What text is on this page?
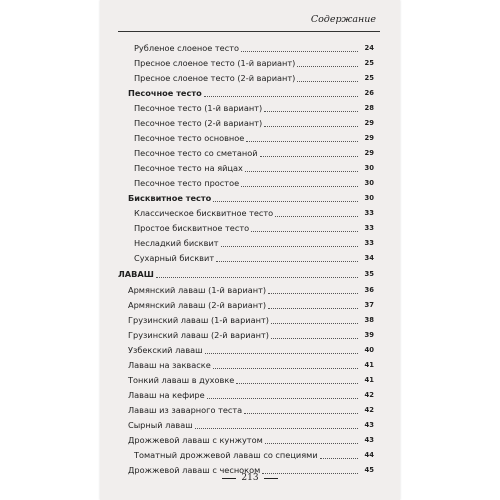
Содержание
Рубленое слоеное тесто	24
Пресное слоеное тесто (1-й вариант)	25
Пресное слоеное тесто (2-й вариант)	25
Песочное тесто	26
Песочное тесто (1-й вариант)	28
Песочное тесто (2-й вариант)	29
Песочное тесто основное	29
Песочное тесто со сметаной	29
Песочное тесто на яйцах	30
Песочное тесто простое	30
Бисквитное тесто	30
Классическое бисквитное тесто	33
Простое бисквитное тесто	33
Несладкий бисквит	33
Сухарный бисквит	34
ЛАВАШ	35
Армянский лаваш (1-й вариант)	36
Армянский лаваш (2-й вариант)	37
Грузинский лаваш (1-й вариант)	38
Грузинский лаваш (2-й вариант)	39
Узбекский лаваш	40
Лаваш на закваске	41
Тонкий лаваш в духовке	41
Лаваш на кефире	42
Лаваш из заварного теста	42
Сырный лаваш	43
Дрожжевой лаваш с кунжутом	43
Томатный дрожжевой лаваш со специями	44
Дрожжевой лаваш с чесноком	45
213
